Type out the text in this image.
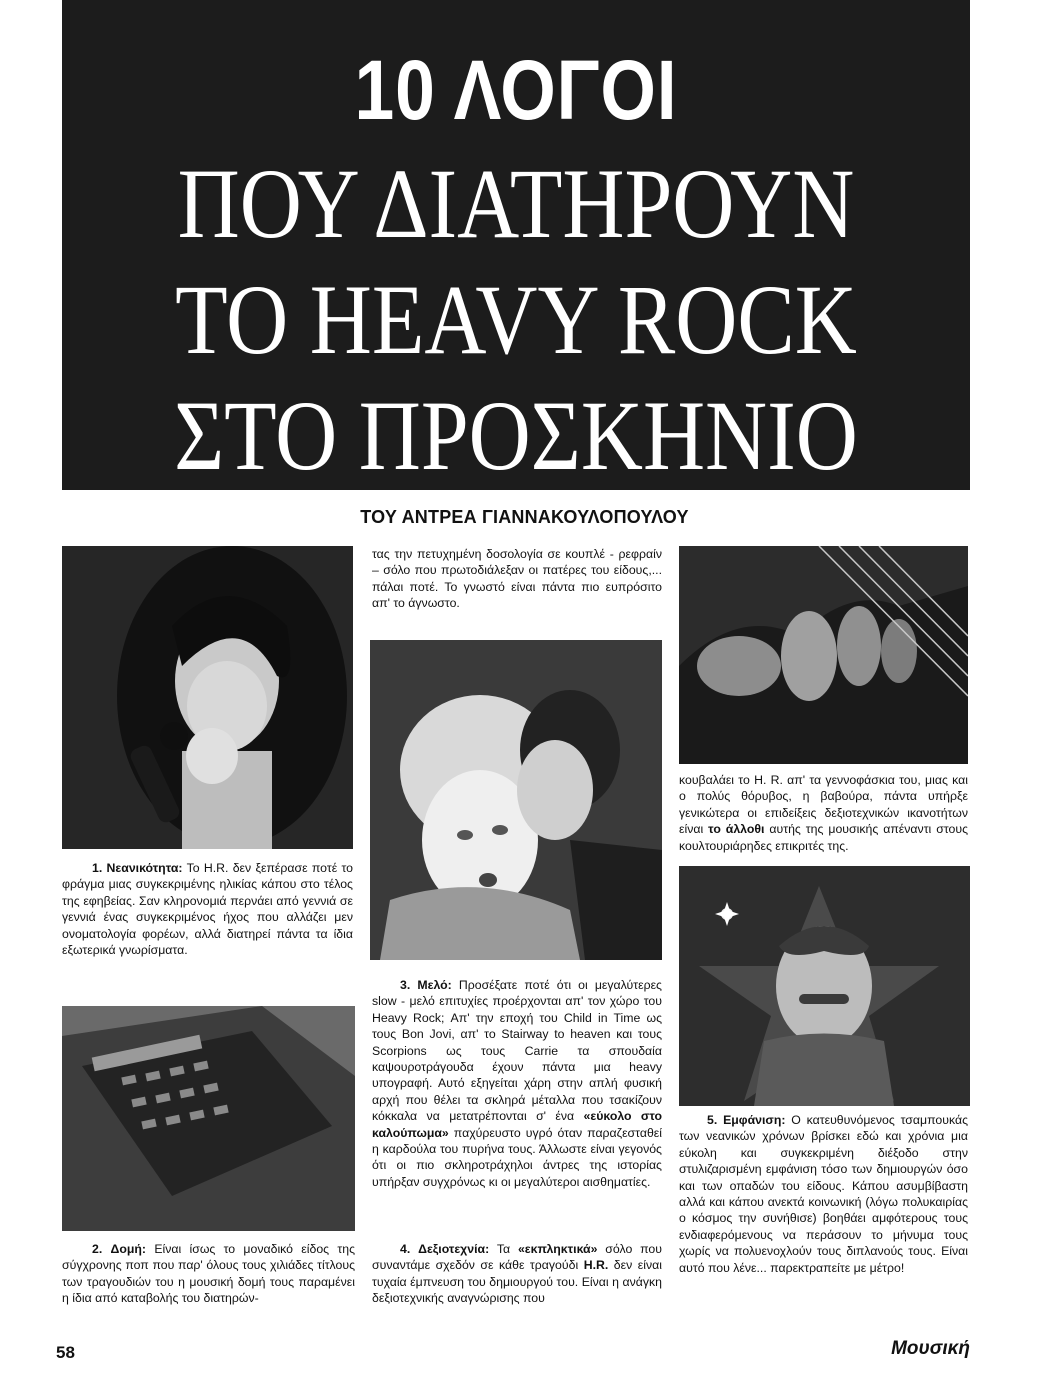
10 ΛΟΓΟΙ
ΠΟΥ ΔΙΑΤΗΡΟΥΝ
ΤΟ HEAVY ROCK
ΣΤΟ ΠΡΟΣΚΗΝΙΟ
ΤΟΥ ΑΝΤΡΕΑ ΓΙΑΝΝΑΚΟΥΛΟΠΟΥΛΟΥ
1. Νεανικότητα: Το Η.R. δεν ξεπέρασε ποτέ το φράγμα μιας συγκεκριμένης ηλικίας κάπου στο τέλος της εφηβείας. Σαν κληρονομιά περνάει από γεννιά σε γεννιά ένας συγκεκριμένος ήχος που αλλάζει μεν ονοματολογία φορέων, αλλά διατηρεί πάντα τα ίδια εξωτερικά γνωρίσματα.
2. Δομή: Είναι ίσως το μοναδικό είδος της σύγχρονης ποπ που παρ' όλους τους χιλιάδες τίτλους των τραγουδιών του η μουσική δομή τους παραμένει η ίδια από καταβολής του διατηρών-
τας την πετυχημένη δοσολογία σε κουπλέ - ρεφραίν – σόλο που πρωτοδιάλεξαν οι πατέρες του είδους,... πάλαι ποτέ. Το γνωστό είναι πάντα πιο ευπρόσιτο απ' το άγνωστο.
3. Μελό: Προσέξατε ποτέ ότι οι μεγαλύτερες slow - μελό επιτυχίες προέρχονται απ' τον χώρο του Heavy Rock; Απ' την εποχή του Child in Time ως τους Bon Jovi, απ' το Stairway to heaven και τους Scorpions ως τους Carrie τα σπουδαία καψουροτράγουδα έχουν πάντα μια heavy υπογραφή. Αυτό εξηγείται χάρη στην απλή φυσική αρχή που θέλει τα σκληρά μέταλλα που τσακίζουν κόκκαλα να μετατρέπονται σ' ένα «εύκολο στο καλούπωμα» παχύρευστο υγρό όταν παραζεσταθεί η καρδούλα του πυρήνα τους. Άλλωστε είναι γεγονός ότι οι πιο σκληροτράχηλοι άντρες της ιστορίας υπήρξαν συγχρόνως κι οι μεγαλύτεροι αισθηματίες.
4. Δεξιοτεχνία: Τα «εκπληκτικά» σόλο που συναντάμε σχεδόν σε κάθε τραγούδι H.R. δεν είναι τυχαία έμπνευση του δημιουργού του. Είναι η ανάγκη δεξιοτεχνικής αναγνώρισης που
κουβαλάει το H. R. απ' τα γεννοφάσκια του, μιας και ο πολύς θόρυβος, η βαβούρα, πάντα υπήρξε γενικώτερα οι επιδείξεις δεξιοτεχνικών ικανοτήτων είναι το άλλοθι αυτής της μουσικής απέναντι στους κουλτουριάρηδες επικριτές της.
5. Εμφάνιση: Ο κατευθυνόμενος τσαμπουκάς των νεανικών χρόνων βρίσκει εδώ και χρόνια μια εύκολη και συγκεκριμένη διέξοδο στην στυλιζαρισμένη εμφάνιση τόσο των δημιουργών όσο και των οπαδών του είδους. Κάπου ασυμβίβαστη αλλά και κάπου ανεκτά κοινωνική (λόγω πολυκαιρίας ο κόσμος την συνήθισε) βοηθάει αμφότερους τους ενδιαφερόμενους να περάσουν το μήνυμα τους χωρίς να πολυενοχλούν τους διπλανούς τους. Είναι αυτό που λένε... παρεκτραπείτε με μέτρο!
58	Μουσική
